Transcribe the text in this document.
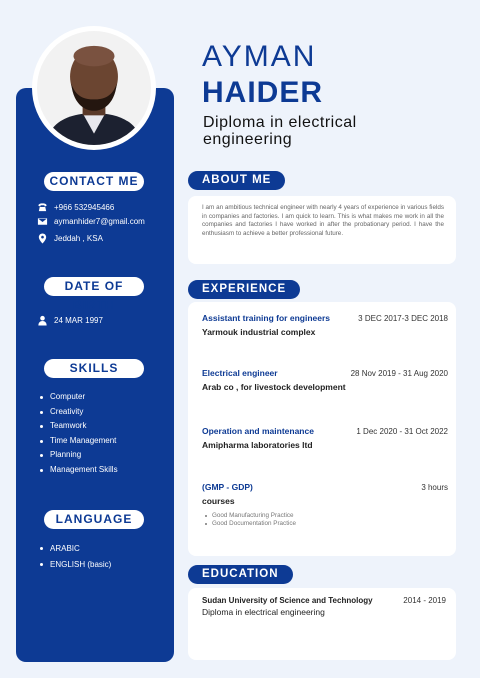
CONTACT ME
+966 532945466
aymanhider7@gmail.com
Jeddah , KSA
DATE OF BIRTH
24 MAR 1997
SKILLS
Computer
Creativity
Teamwork
Time Management
Planning
Management Skills
LANGUAGE
ARABIC
ENGLISH (basic)
AYMAN
HAIDER
Diploma in electrical engineering
ABOUT ME
I am an ambitious technical engineer with nearly 4 years of experience in various fields in companies and factories. I am quick to learn. This is what makes me work in all the companies and factories I have worked in after the probationary period. I have the enthusiasm to achieve a better professional future.
EXPERIENCE
Assistant training for engineers	3 DEC 2017-3 DEC 2018
Yarmouk industrial complex
Electrical engineer	28 Nov 2019 - 31 Aug 2020
Arab co , for livestock development
Operation and maintenance	1 Dec 2020 - 31 Oct 2022
Amipharma laboratories ltd
(GMP - GDP)	3 hours
courses
Good Manufacturing Practice
Good Documentation Practice
EDUCATION
Sudan University of Science and Technology	2014 - 2019
Diploma in electrical engineering
